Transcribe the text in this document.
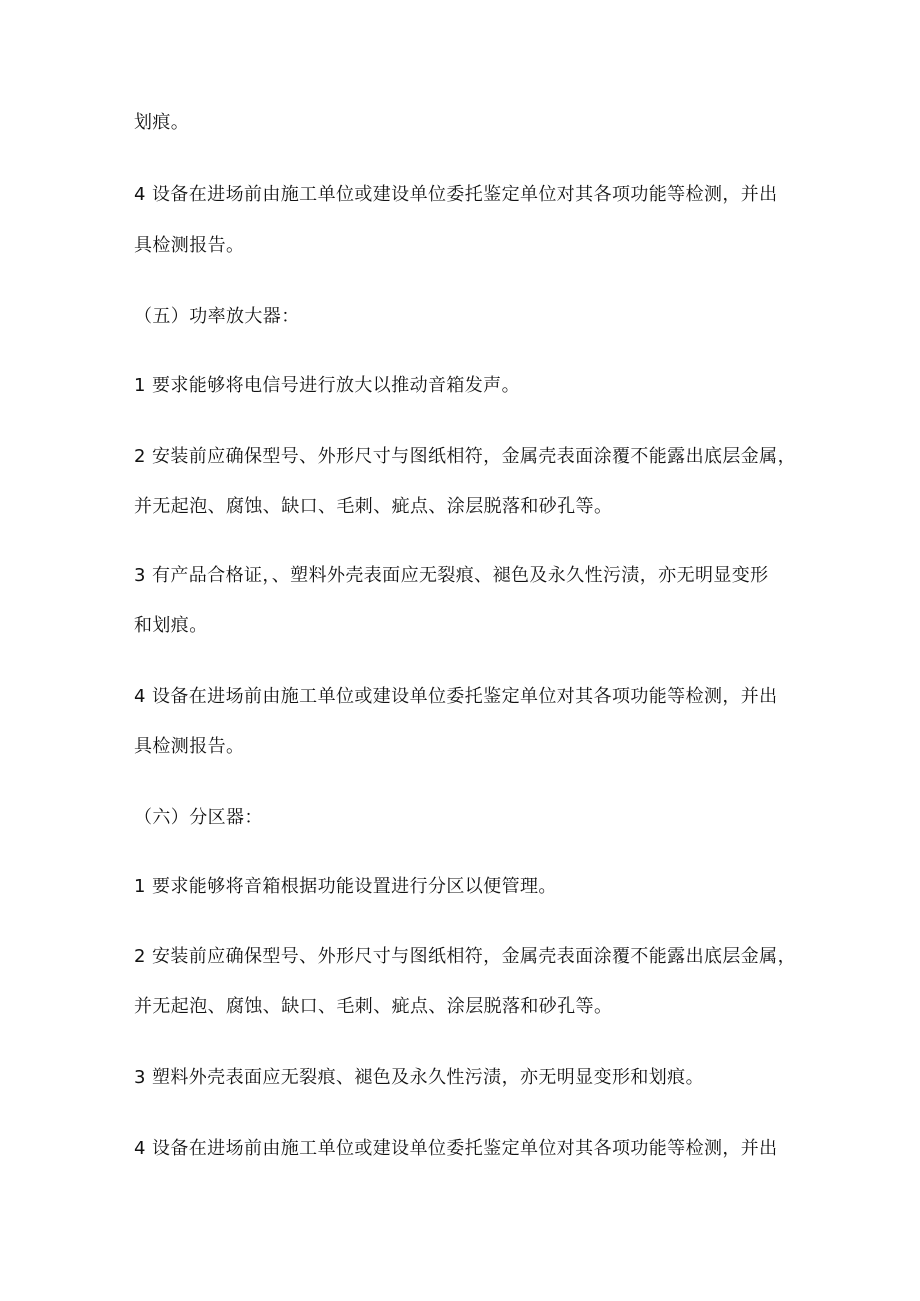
划痕。
4 设备在进场前由施工单位或建设单位委托鉴定单位对其各项功能等检测，并出
具检测报告。
（五）功率放大器：
1 要求能够将电信号进行放大以推动音箱发声。
2 安装前应确保型号、外形尺寸与图纸相符，金属壳表面涂覆不能露出底层金属，
并无起泡、腐蚀、缺口、毛刺、疵点、涂层脱落和砂孔等。
3 有产品合格证，、塑料外壳表面应无裂痕、褪色及永久性污渍，亦无明显变形
和划痕。
4 设备在进场前由施工单位或建设单位委托鉴定单位对其各项功能等检测，并出
具检测报告。
（六）分区器：
1 要求能够将音箱根据功能设置进行分区以便管理。
2 安装前应确保型号、外形尺寸与图纸相符，金属壳表面涂覆不能露出底层金属，
并无起泡、腐蚀、缺口、毛刺、疵点、涂层脱落和砂孔等。
3 塑料外壳表面应无裂痕、褪色及永久性污渍，亦无明显变形和划痕。
4 设备在进场前由施工单位或建设单位委托鉴定单位对其各项功能等检测，并出
